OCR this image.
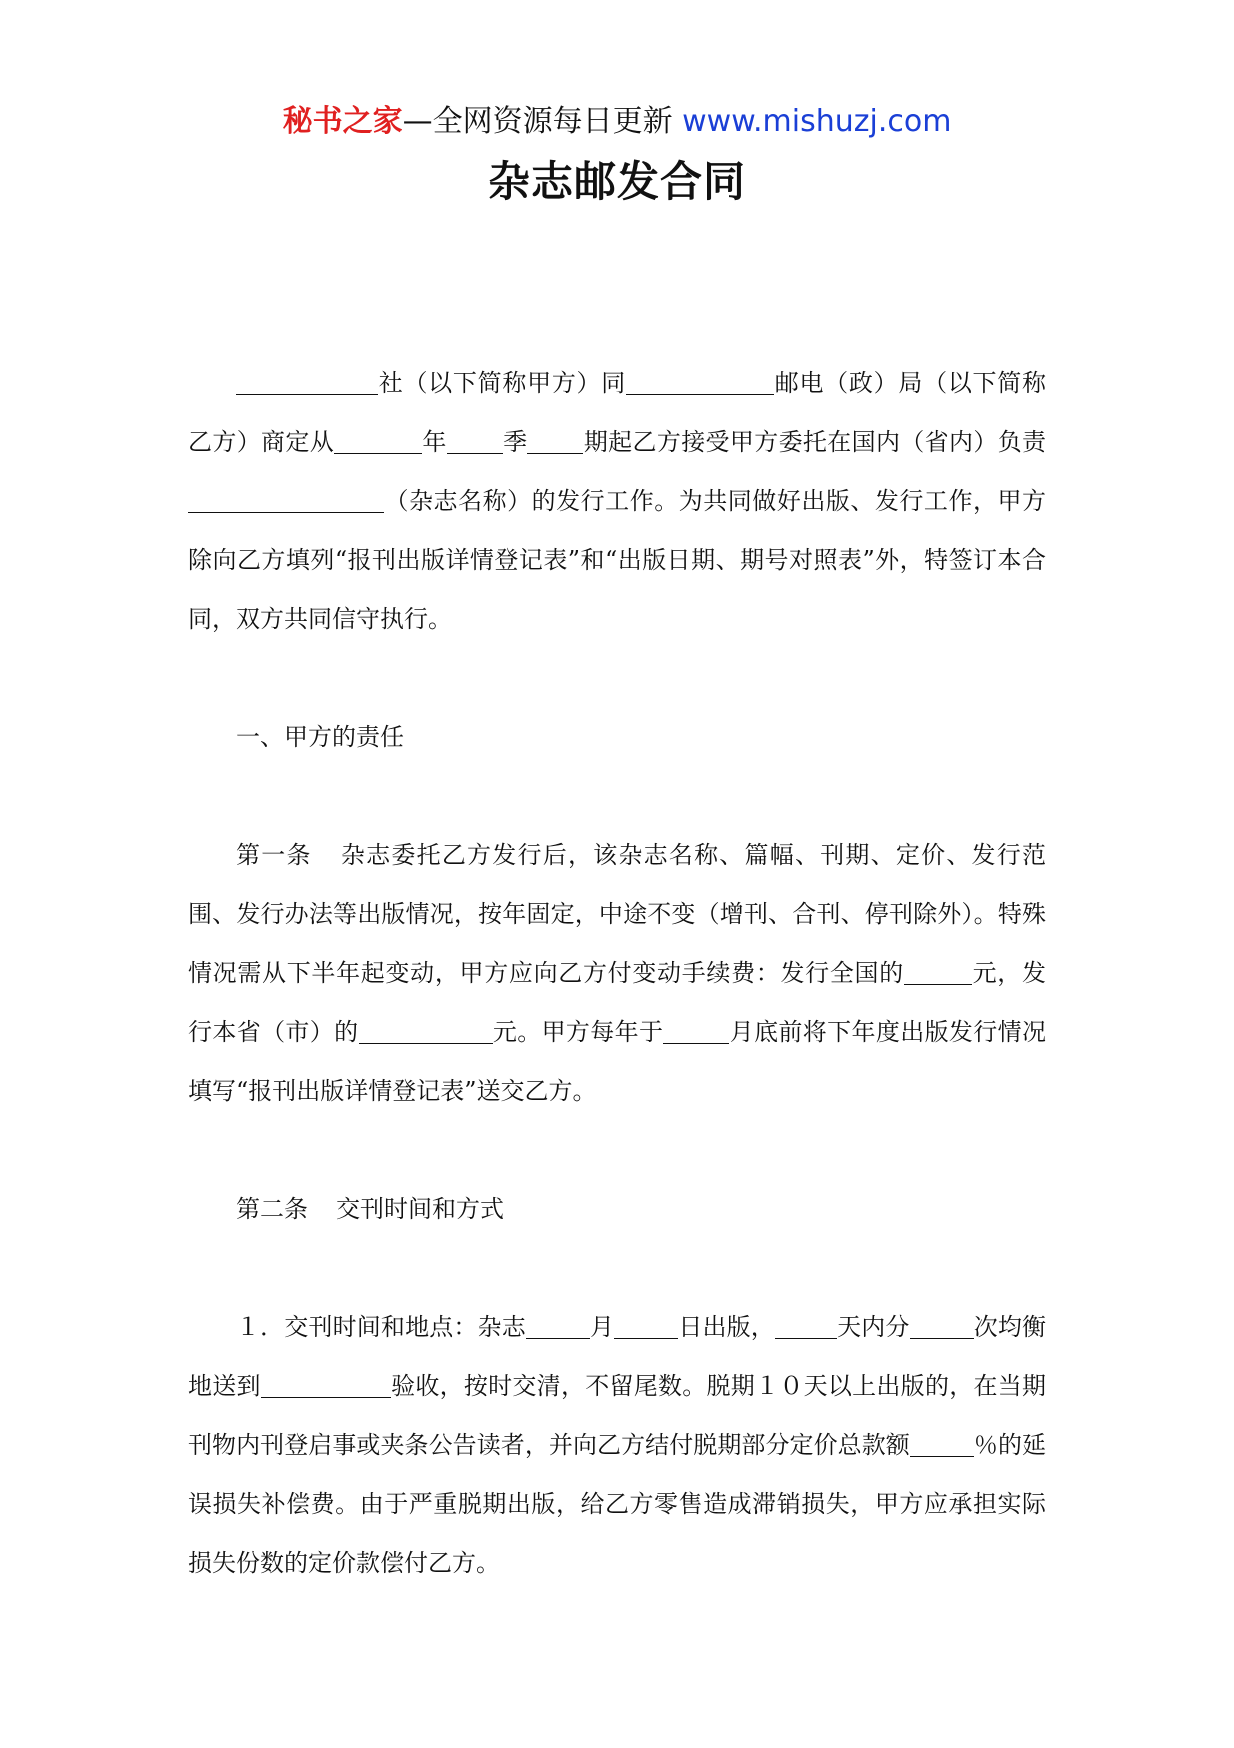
秘书之家—全网资源每日更新 www.mishuzj.com
杂志邮发合同

社（以下简称甲方）同	邮电（政）局（以下简称乙方）商定从	年 季 期起乙方接受甲方委托在国内（省内）负责（杂志名称）的发行工作。为共同做好出版、发行工作，甲方除向乙方填列“报刊出版详情登记表”和“出版日期、期号对照表”外，特签订本合同，双方共同信守执行。

一、甲方的责任

第一条 杂志委托乙方发行后，该杂志名称、篇幅、刊期、定价、发行范围、发行办法等出版情况，按年固定，中途不变（增刊、合刊、停刊除外）。特殊情况需从下半年起变动，甲方应向乙方付变动手续费：发行全国的	元，发行本省（市）的	元。甲方每年于	月底前将下年度出版发行情况填写“报刊出版详情登记表”送交乙方。

第二条 交刊时间和方式

１．交刊时间和地点：杂志	月	日出版，	天内分	次均衡地送到	验收，按时交清，不留尾数。脱期１０天以上出版的，在当期刊物内刊登启事或夹条公告读者，并向乙方结付脱期部分定价总款额	％的延误损失补偿费。由于严重脱期出版，给乙方零售造成滞销损失，甲方应承担实际损失份数的定价款偿付乙方。
